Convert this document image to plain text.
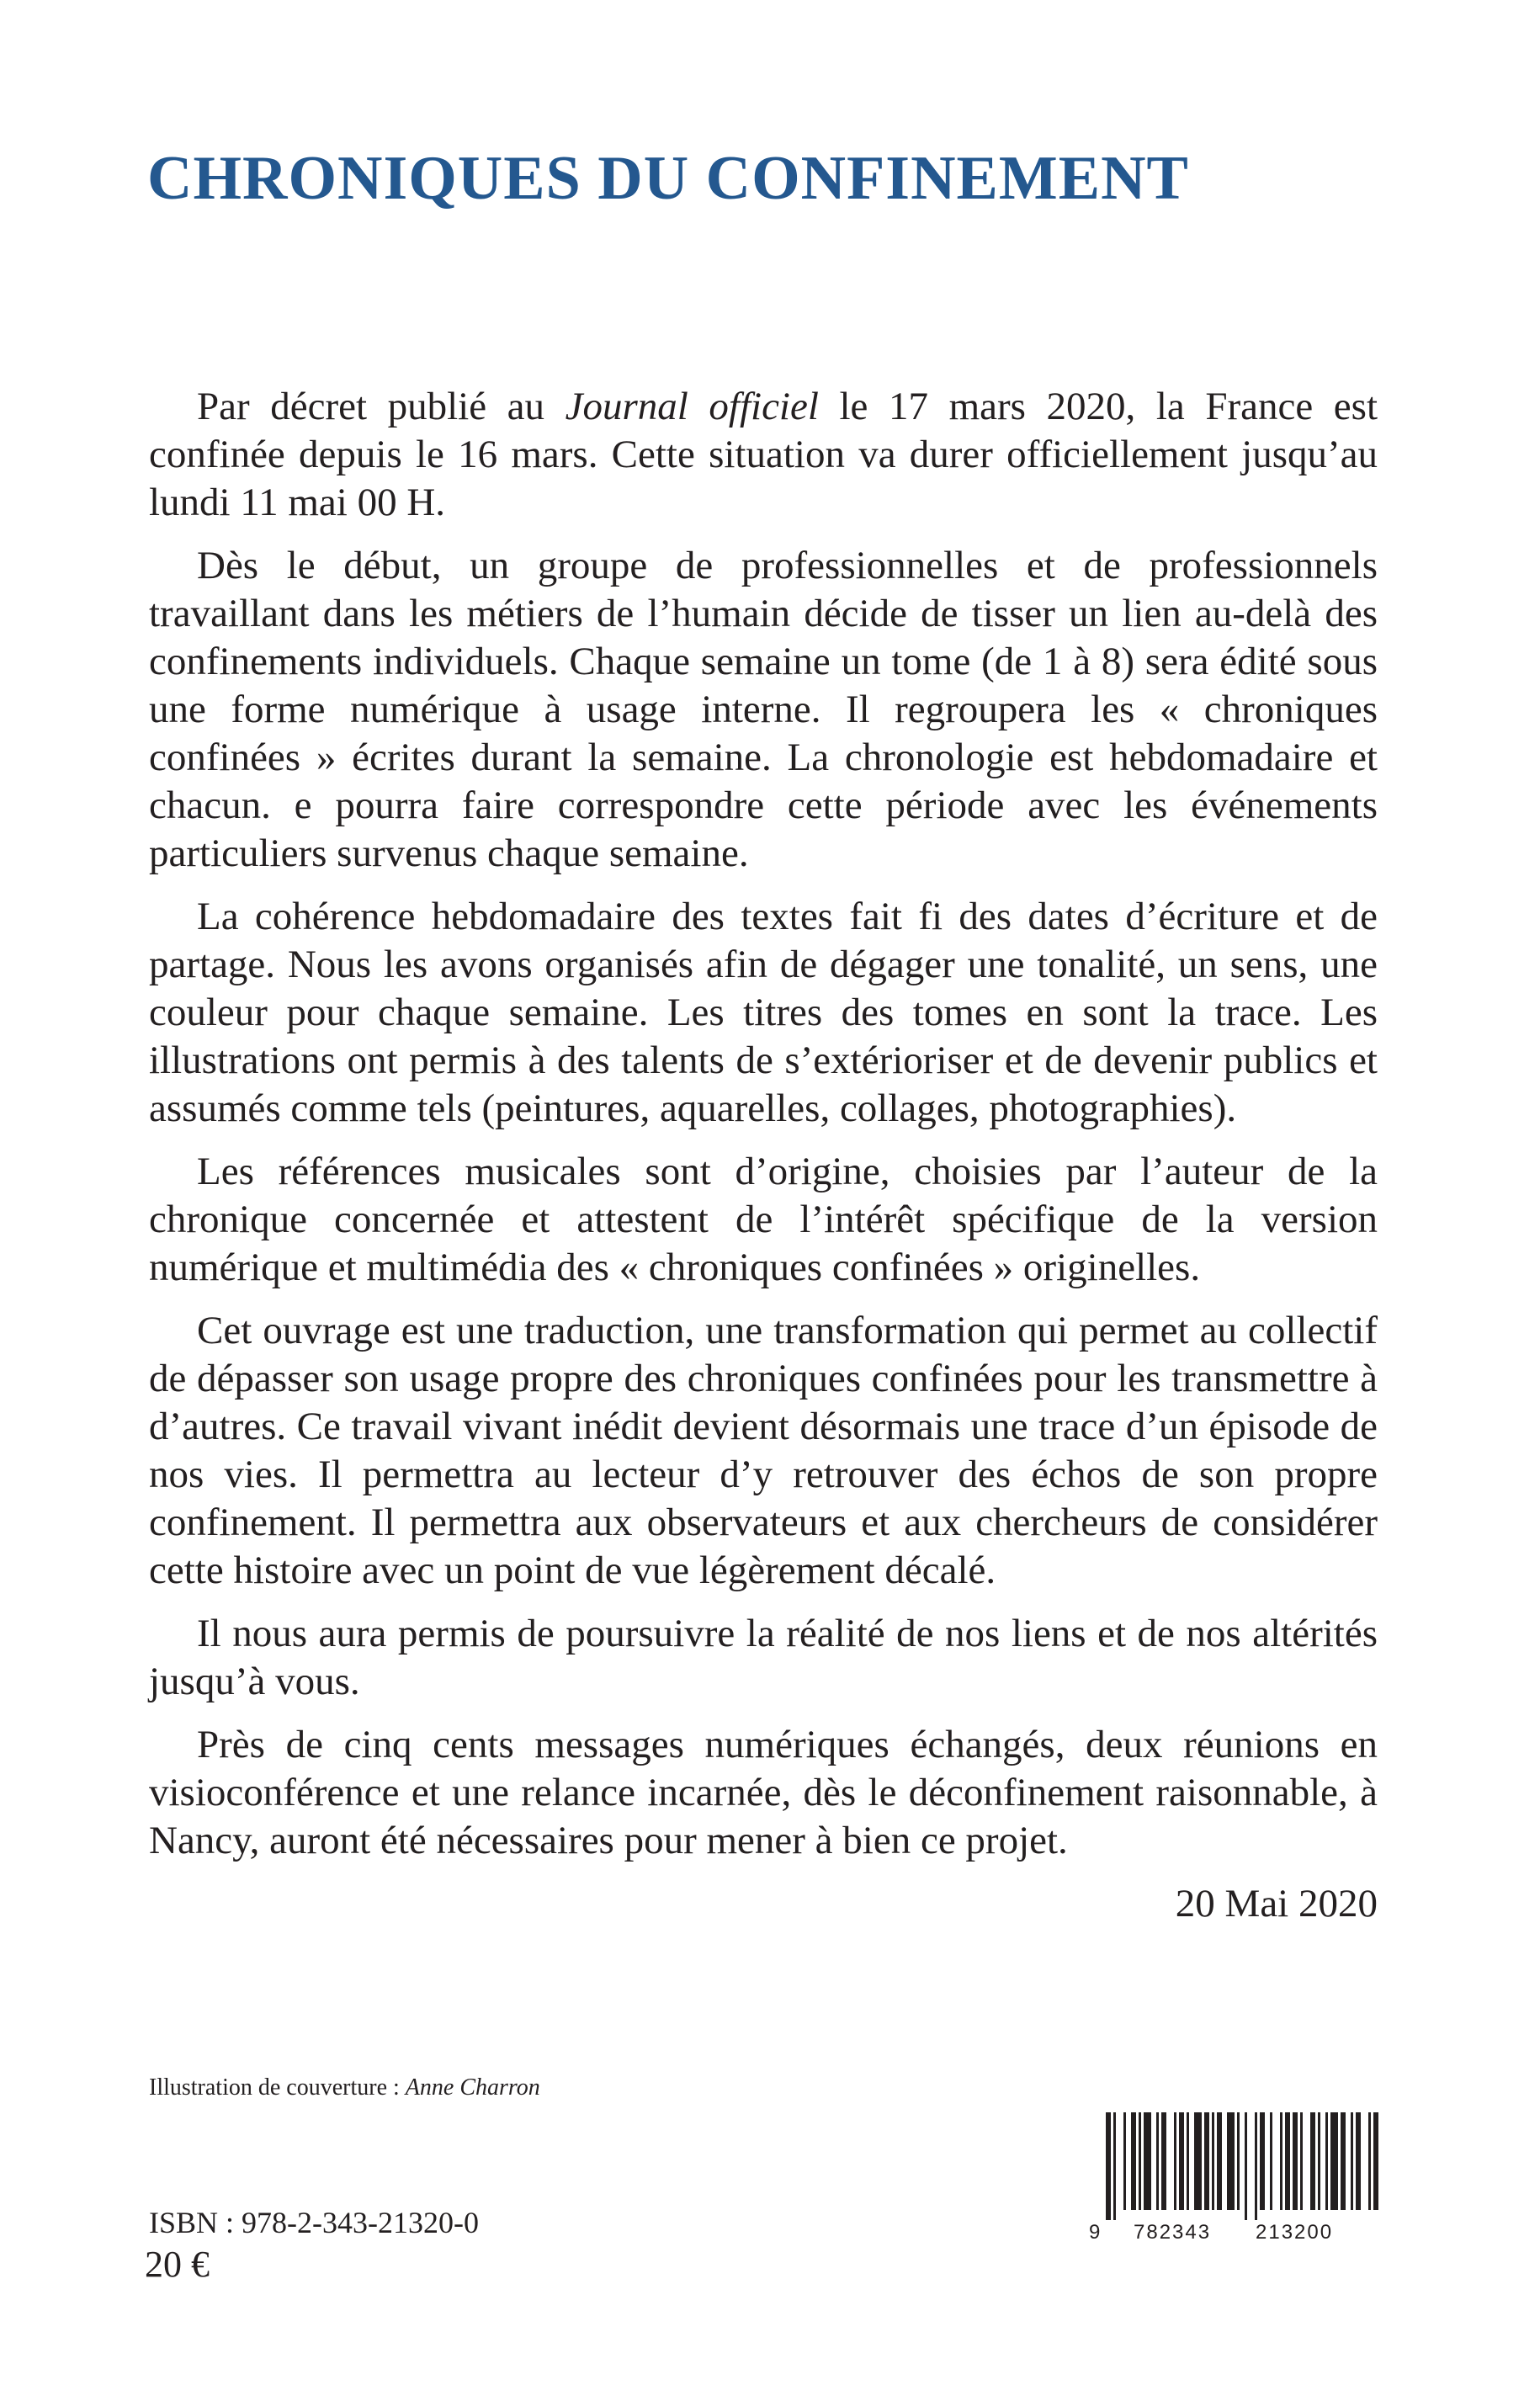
CHRONIQUES DU CONFINEMENT

Par décret publié au Journal officiel le 17 mars 2020, la France est confinée depuis le 16 mars. Cette situation va durer officiellement jusqu’au lundi 11 mai 00 H.

Dès le début, un groupe de professionnelles et de professionnels travaillant dans les métiers de l’humain décide de tisser un lien au-delà des confinements individuels. Chaque semaine un tome (de 1 à 8) sera édité sous une forme numérique à usage interne. Il regroupera les « chroniques confinées » écrites durant la semaine. La chronologie est hebdomadaire et chacun. e pourra faire correspondre cette période avec les événements particuliers survenus chaque semaine.

La cohérence hebdomadaire des textes fait fi des dates d’écriture et de partage. Nous les avons organisés afin de dégager une tonalité, un sens, une couleur pour chaque semaine. Les titres des tomes en sont la trace. Les illustrations ont permis à des talents de s’extérioriser et de devenir publics et assumés comme tels (peintures, aquarelles, collages, photographies).

Les références musicales sont d’origine, choisies par l’auteur de la chronique concernée et attestent de l’intérêt spécifique de la version numérique et multimédia des « chroniques confinées » originelles.

Cet ouvrage est une traduction, une transformation qui permet au collectif de dépasser son usage propre des chroniques confinées pour les transmettre à d’autres. Ce travail vivant inédit devient désormais une trace d’un épisode de nos vies. Il permettra au lecteur d’y retrouver des échos de son propre confinement. Il permettra aux observateurs et aux chercheurs de considérer cette histoire avec un point de vue légèrement décalé.

Il nous aura permis de poursuivre la réalité de nos liens et de nos altérités jusqu’à vous.

Près de cinq cents messages numériques échangés, deux réunions en visioconférence et une relance incarnée, dès le déconfinement raisonnable, à Nancy, auront été nécessaires pour mener à bien ce projet.

20 Mai 2020

Illustration de couverture : Anne Charron
ISBN : 978-2-343-21320-0
20 €
9 782343 213200
